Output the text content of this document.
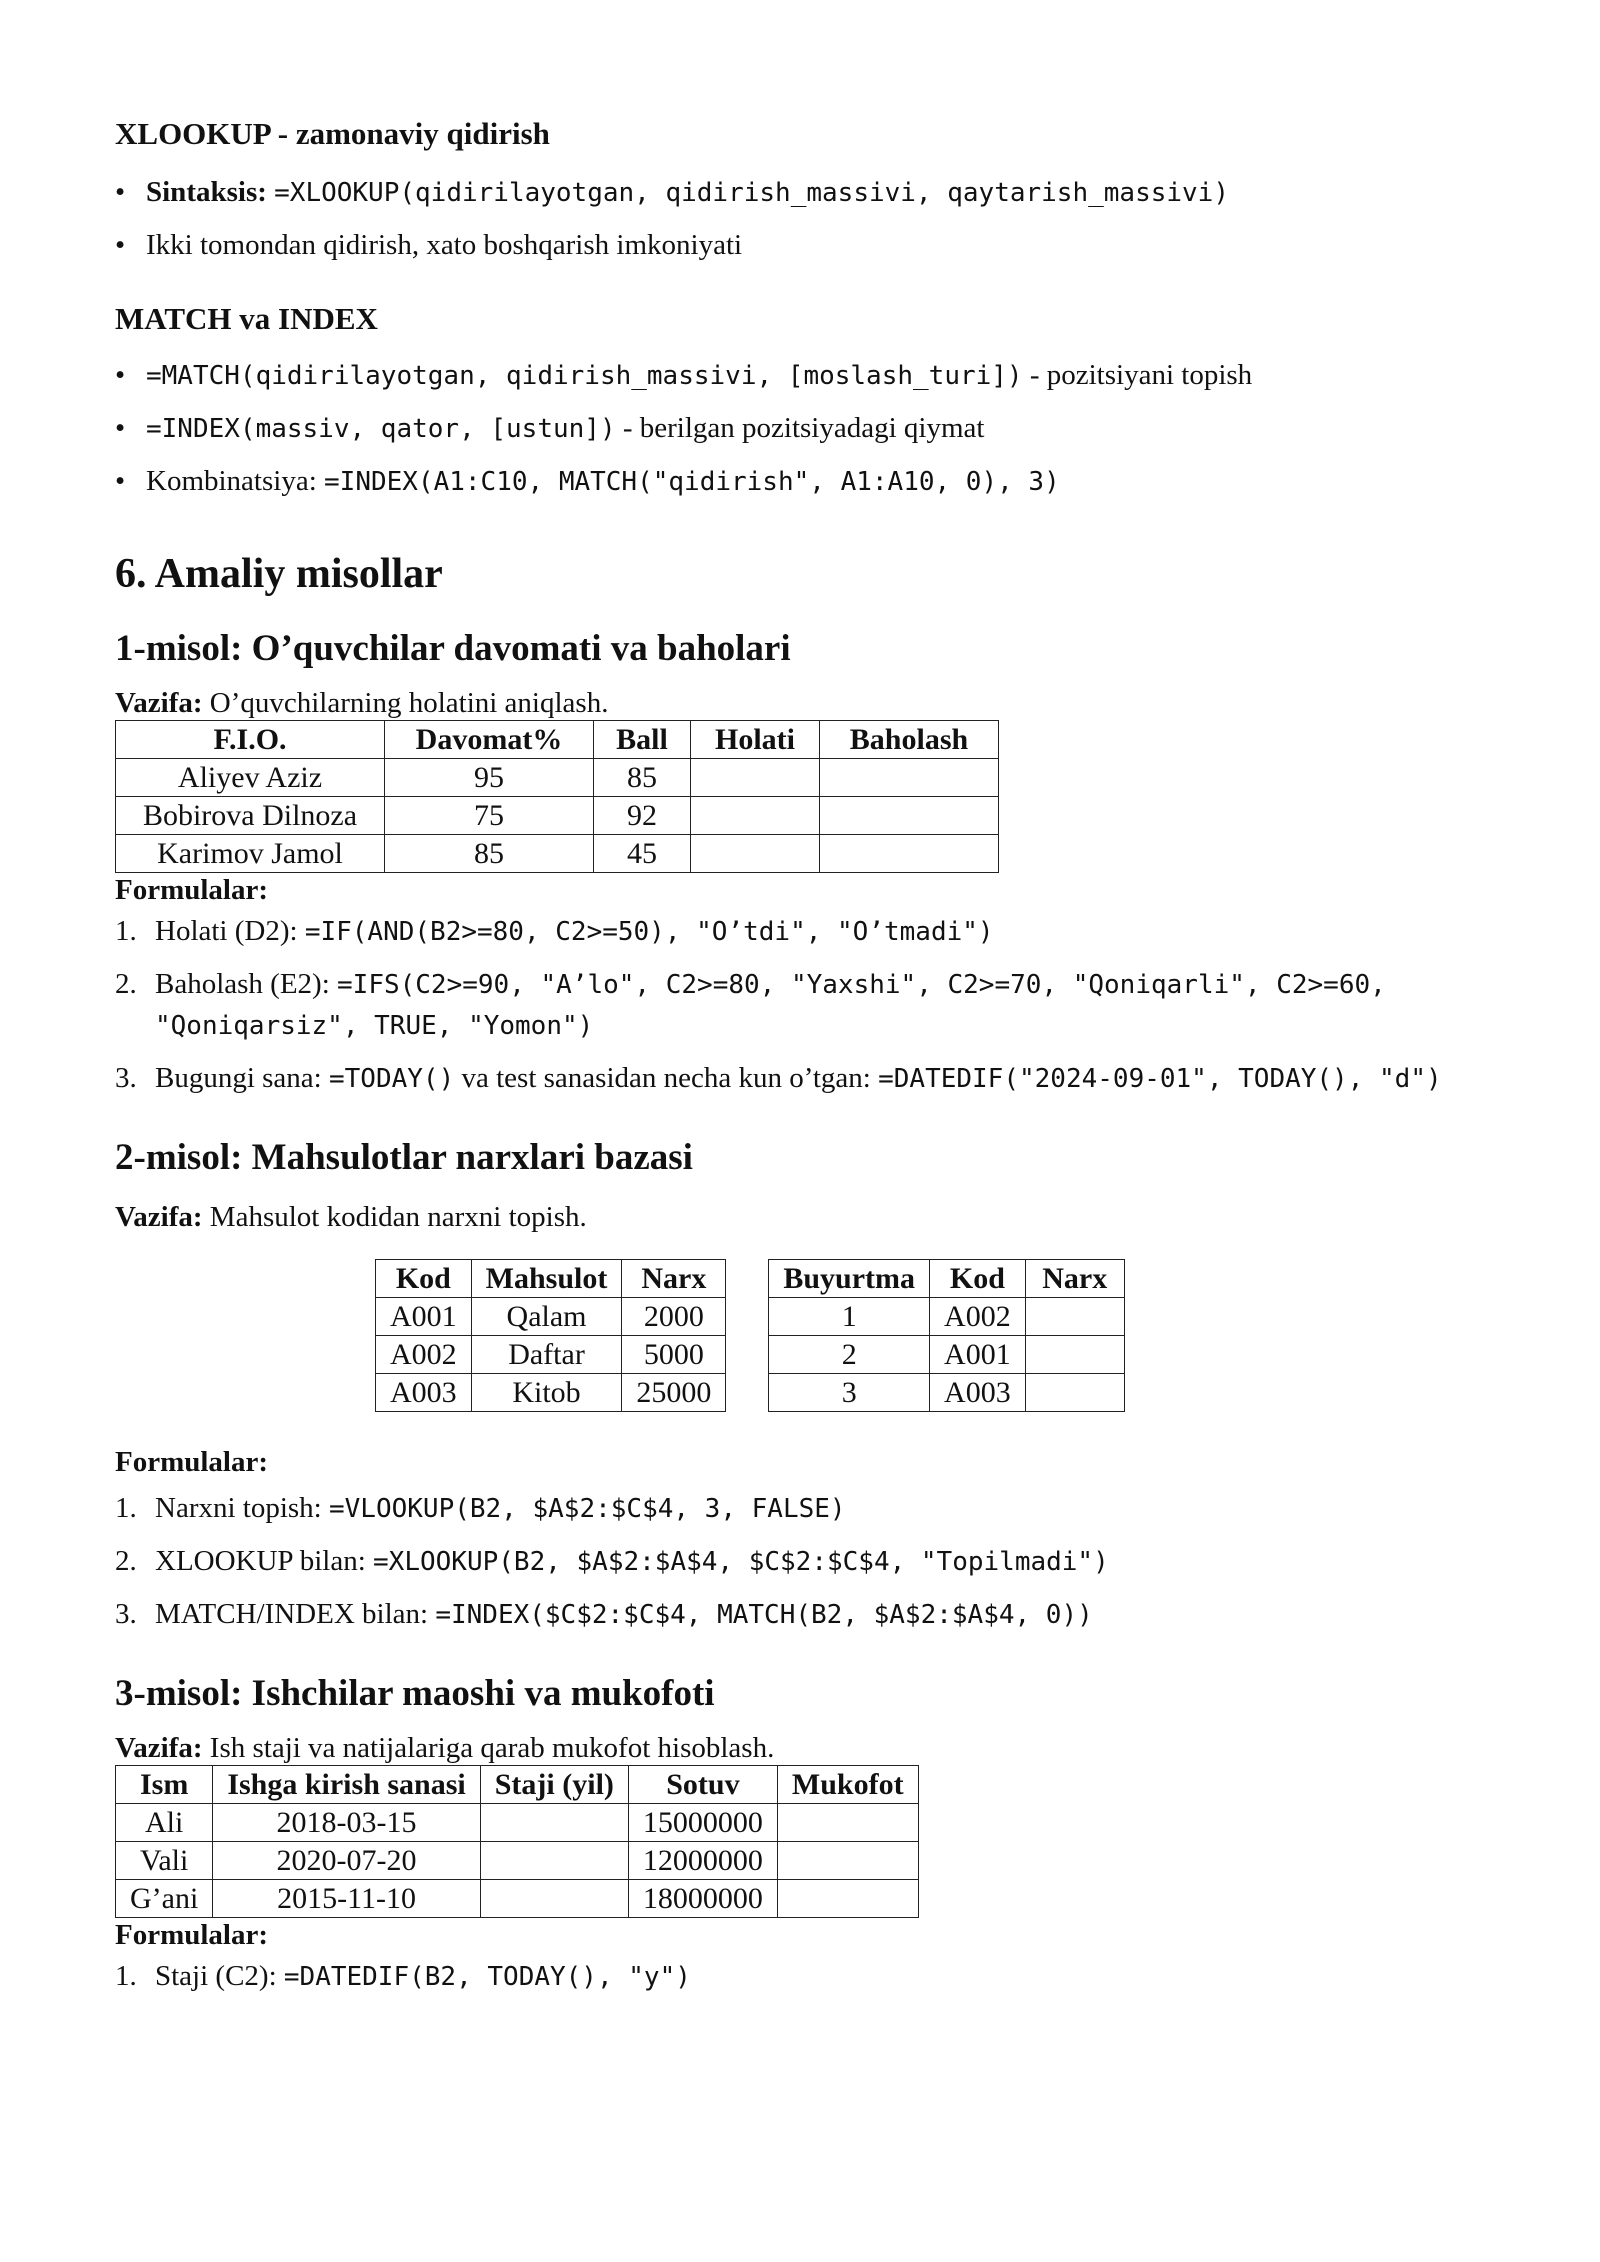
XLOOKUP - zamonaviy qidirish

• Sintaksis: =XLOOKUP(qidirilayotgan, qidirish_massivi, qaytarish_massivi)
• Ikki tomondan qidirish, xato boshqarish imkoniyati

MATCH va INDEX

• =MATCH(qidirilayotgan, qidirish_massivi, [moslash_turi]) - pozitsiyani topish
• =INDEX(massiv, qator, [ustun]) - berilgan pozitsiyadagi qiymat
• Kombinatsiya: =INDEX(A1:C10, MATCH("qidirish", A1:A10, 0), 3)

6. Amaliy misollar

1-misol: O’quvchilar davomati va baholari

Vazifa: O’quvchilarning holatini aniqlash.

F.I.O.	Davomat%	Ball	Holati	Baholash
Aliyev Aziz	95	85		
Bobirova Dilnoza	75	92		
Karimov Jamol	85	45		

Formulalar:

1. Holati (D2): =IF(AND(B2>=80, C2>=50), "O’tdi", "O’tmadi")
2. Baholash (E2): =IFS(C2>=90, "A’lo", C2>=80, "Yaxshi", C2>=70, "Qoniqarli", C2>=60, "Qoniqarsiz", TRUE, "Yomon")
3. Bugungi sana: =TODAY() va test sanasidan necha kun o’tgan: =DATEDIF("2024-09-01", TODAY(), "d")

2-misol: Mahsulotlar narxlari bazasi

Vazifa: Mahsulot kodidan narxni topish.

Kod	Mahsulot	Narx
A001	Qalam	2000
A002	Daftar	5000
A003	Kitob	25000
Buyurtma	Kod	Narx
1	A002	
2	A001	
3	A003	

Formulalar:

1. Narxni topish: =VLOOKUP(B2, $A$2:$C$4, 3, FALSE)
2. XLOOKUP bilan: =XLOOKUP(B2, $A$2:$A$4, $C$2:$C$4, "Topilmadi")
3. MATCH/INDEX bilan: =INDEX($C$2:$C$4, MATCH(B2, $A$2:$A$4, 0))

3-misol: Ishchilar maoshi va mukofoti

Vazifa: Ish staji va natijalariga qarab mukofot hisoblash.

Ism	Ishga kirish sanasi	Staji (yil)	Sotuv	Mukofot
Ali	2018-03-15		15000000	
Vali	2020-07-20		12000000	
G’ani	2015-11-10		18000000	

Formulalar:

1. Staji (C2): =DATEDIF(B2, TODAY(), "y")
